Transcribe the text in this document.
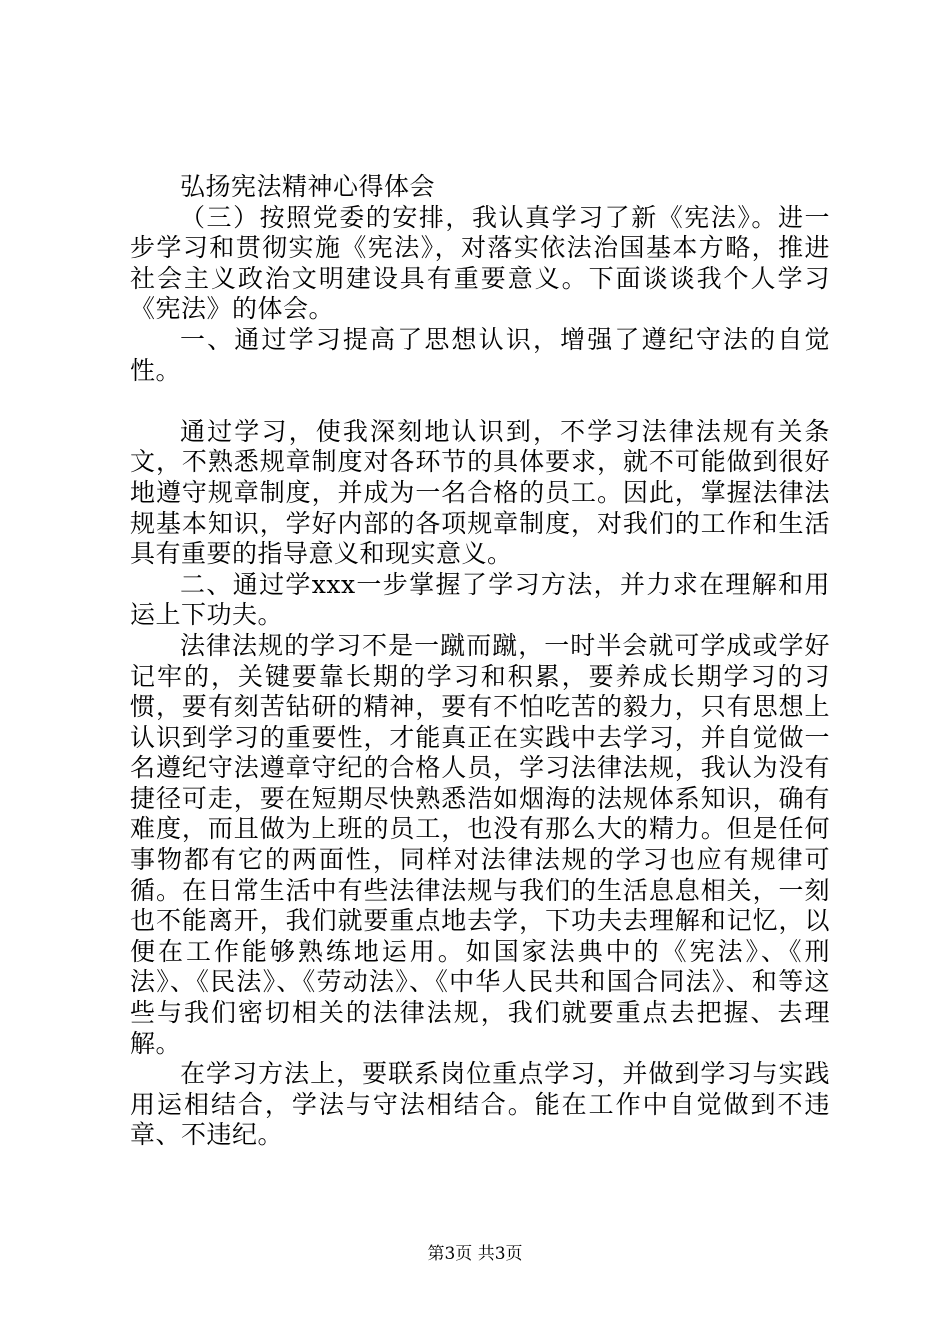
弘扬宪法精神心得体会

（三）按照党委的安排，我认真学习了新《宪法》。进一步学习和贯彻实施《宪法》，对落实依法治国基本方略，推进社会主义政治文明建设具有重要意义。下面谈谈我个人学习《宪法》的体会。

一、通过学习提高了思想认识，增强了遵纪守法的自觉性。

通过学习，使我深刻地认识到，不学习法律法规有关条文，不熟悉规章制度对各环节的具体要求，就不可能做到很好地遵守规章制度，并成为一名合格的员工。因此，掌握法律法规基本知识，学好内部的各项规章制度，对我们的工作和生活具有重要的指导意义和现实意义。

二、通过学xxx一步掌握了学习方法，并力求在理解和用运上下功夫。

法律法规的学习不是一蹴而蹴，一时半会就可学成或学好记牢的，关键要靠长期的学习和积累，要养成长期学习的习惯，要有刻苦钻研的精神，要有不怕吃苦的毅力，只有思想上认识到学习的重要性，才能真正在实践中去学习，并自觉做一名遵纪守法遵章守纪的合格人员，学习法律法规，我认为没有捷径可走，要在短期尽快熟悉浩如烟海的法规体系知识，确有难度，而且做为上班的员工，也没有那么大的精力。但是任何事物都有它的两面性，同样对法律法规的学习也应有规律可循。在日常生活中有些法律法规与我们的生活息息相关，一刻也不能离开，我们就要重点地去学，下功夫去理解和记忆，以便在工作能够熟练地运用。如国家法典中的《宪法》、《刑法》、《民法》、《劳动法》、《中华人民共和国合同法》、和等这些与我们密切相关的法律法规，我们就要重点去把握、去理解。

在学习方法上，要联系岗位重点学习，并做到学习与实践用运相结合，学法与守法相结合。能在工作中自觉做到不违章、不违纪。

第3页 共3页
